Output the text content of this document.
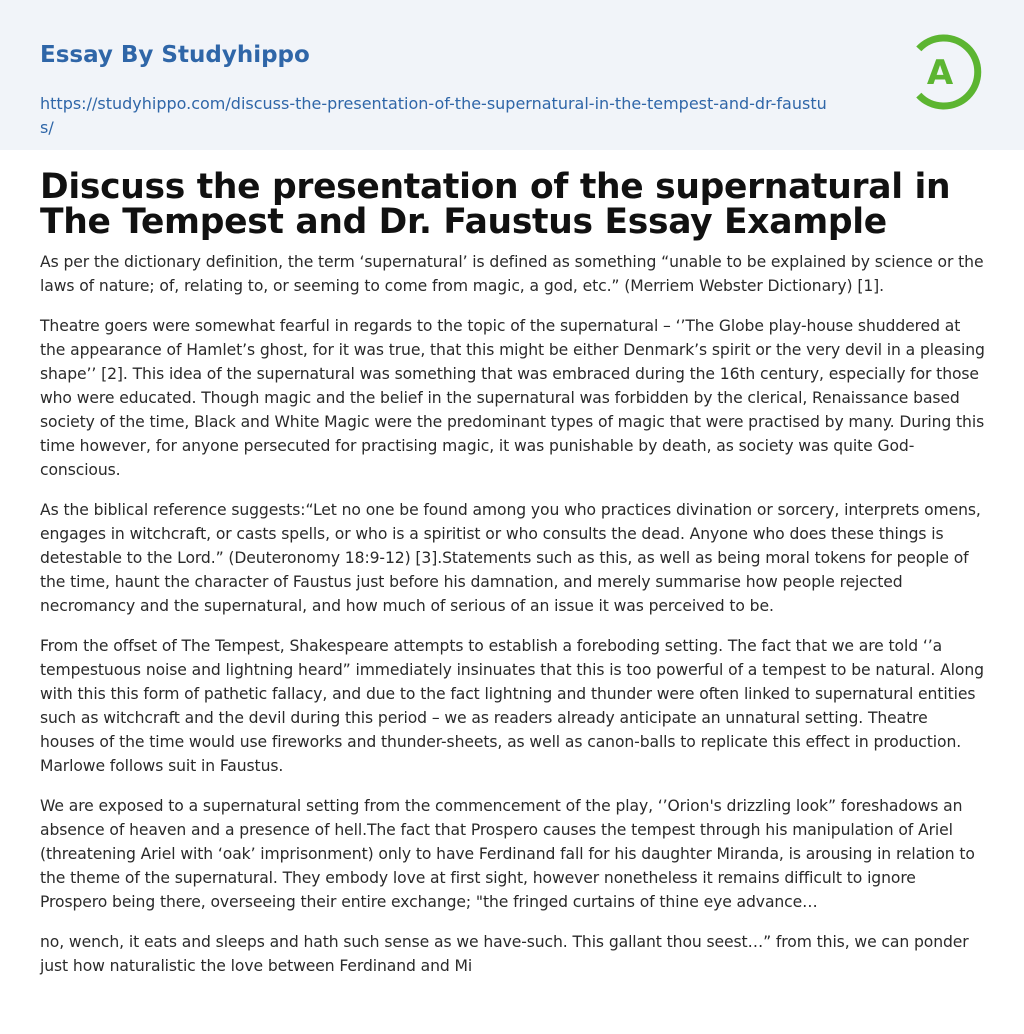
Essay By Studyhippo
https://studyhippo.com/discuss-the-presentation-of-the-supernatural-in-the-tempest-and-dr-faustus/
A
Discuss the presentation of the supernatural in The Tempest and Dr. Faustus Essay Example

As per the dictionary definition, the term ‘supernatural’ is defined as something “unable to be explained by science or the laws of nature; of, relating to, or seeming to come from magic, a god, etc.” (Merriem Webster Dictionary) [1].

Theatre goers were somewhat fearful in regards to the topic of the supernatural – ‘’The Globe play-house shuddered at the appearance of Hamlet’s ghost, for it was true, that this might be either Denmark’s spirit or the very devil in a pleasing shape’’ [2]. This idea of the supernatural was something that was embraced during the 16th century, especially for those who were educated. Though magic and the belief in the supernatural was forbidden by the clerical, Renaissance based society of the time, Black and White Magic were the predominant types of magic that were practised by many. During this time however, for anyone persecuted for practising magic, it was punishable by death, as society was quite God-conscious.

As the biblical reference suggests:“Let no one be found among you who practices divination or sorcery, interprets omens, engages in witchcraft, or casts spells, or who is a spiritist or who consults the dead. Anyone who does these things is detestable to the Lord.” (Deuteronomy 18:9-12) [3].Statements such as this, as well as being moral tokens for people of the time, haunt the character of Faustus just before his damnation, and merely summarise how people rejected necromancy and the supernatural, and how much of serious of an issue it was perceived to be.

From the offset of The Tempest, Shakespeare attempts to establish a foreboding setting. The fact that we are told ‘’a tempestuous noise and lightning heard” immediately insinuates that this is too powerful of a tempest to be natural. Along with this this form of pathetic fallacy, and due to the fact lightning and thunder were often linked to supernatural entities such as witchcraft and the devil during this period – we as readers already anticipate an unnatural setting. Theatre houses of the time would use fireworks and thunder-sheets, as well as canon-balls to replicate this effect in production. Marlowe follows suit in Faustus.

We are exposed to a supernatural setting from the commencement of the play, ‘’Orion's drizzling look” foreshadows an absence of heaven and a presence of hell.The fact that Prospero causes the tempest through his manipulation of Ariel (threatening Ariel with ‘oak’ imprisonment) only to have Ferdinand fall for his daughter Miranda, is arousing in relation to the theme of the supernatural. They embody love at first sight, however nonetheless it remains difficult to ignore Prospero being there, overseeing their entire exchange; "the fringed curtains of thine eye advance…

no, wench, it eats and sleeps and hath such sense as we have-such. This gallant thou seest…” from this, we can ponder just how naturalistic the love between Ferdinand and Mi
